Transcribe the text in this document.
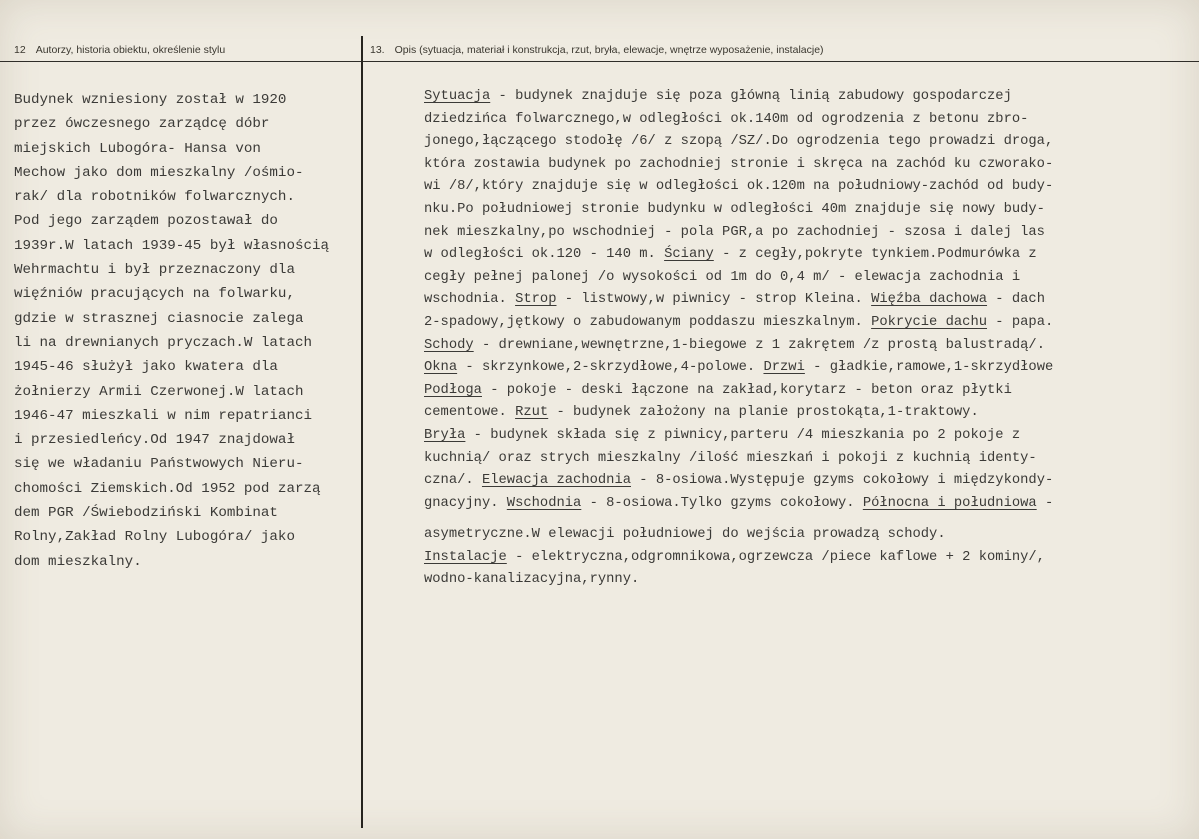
12 Autorzy, historia obiektu, określenie stylu	13. Opis (sytuacja, materiał i konstrukcja, rzut, bryła, elewacje, wnętrze wyposażenie, instalacje)
Budynek wzniesiony został w 1920
przez ówczesnego zarządcę dóbr
miejskich Lubogóra- Hansa von
Mechow jako dom mieszkalny /ośmio-
rak/ dla robotników folwarcznych.
Pod jego zarządem pozostawał do
1939r.W latach 1939-45 był własnością
Wehrmachtu i był przeznaczony dla
więźniów pracujących na folwarku,
gdzie w strasznej ciasnocie zalega
li na drewnianych pryczach.W latach
1945-46 służył jako kwatera dla
żołnierzy Armii Czerwonej.W latach
1946-47 mieszkali w nim repatrianci
i przesiedleńcy.Od 1947 znajdował
się we władaniu Państwowych Nieru-
chomości Ziemskich.Od 1952 pod zarzą
dem PGR /Świebodziński Kombinat
Rolny,Zakład Rolny Lubogóra/ jako
dom mieszkalny.
Sytuacja - budynek znajduje się poza główną linią zabudowy gospodarczej
dziedzińca folwarcznego,w odległości ok.140m od ogrodzenia z betonu zbro-
jonego,łączącego stodołę /6/ z szopą /SZ/.Do ogrodzenia tego prowadzi droga,
która zostawia budynek po zachodniej stronie i skręca na zachód ku czworako-
wi /8/,który znajduje się w odległości ok.120m na południowy-zachód od budy-
nku.Po południowej stronie budynku w odległości 40m znajduje się nowy budy-
nek mieszkalny,po wschodniej - pola PGR,a po zachodniej - szosa i dalej las
w odległości ok.120 - 140 m. Ściany - z cegły,pokryte tynkiem.Podmurówka z
cegły pełnej palonej /o wysokości od 1m do 0,4 m/ - elewacja zachodnia i
wschodnia. Strop - listwowy,w piwnicy - strop Kleina. Więźba dachowa - dach
2-spadowy,jętkowy o zabudowanym poddaszu mieszkalnym. Pokrycie dachu - papa.
Schody - drewniane,wewnętrzne,1-biegowe z 1 zakrętem /z prostą balustradą/.
Okna - skrzynkowe,2-skrzydłowe,4-polowe. Drzwi - gładkie,ramowe,1-skrzydłowe
Podłoga - pokoje - deski łączone na zakład,korytarz - beton oraz płytki
cementowe. Rzut - budynek założony na planie prostokąta,1-traktowy.
Bryła - budynek składa się z piwnicy,parteru /4 mieszkania po 2 pokoje z
kuchnią/ oraz strych mieszkalny /ilość mieszkań i pokoji z kuchnią identy-
czna/. Elewacja zachodnia - 8-osiowa.Występuje gzyms cokołowy i międzykondy-
gnacyjny. Wschodnia - 8-osiowa.Tylko gzyms cokołowy. Północna i południowa -
asymetryczne.W elewacji południowej do wejścia prowadzą schody.
Instalacje - elektryczna,odgromnikowa,ogrzewcza /piece kaflowe + 2 kominy/,
wodno-kanalizacyjna,rynny.
